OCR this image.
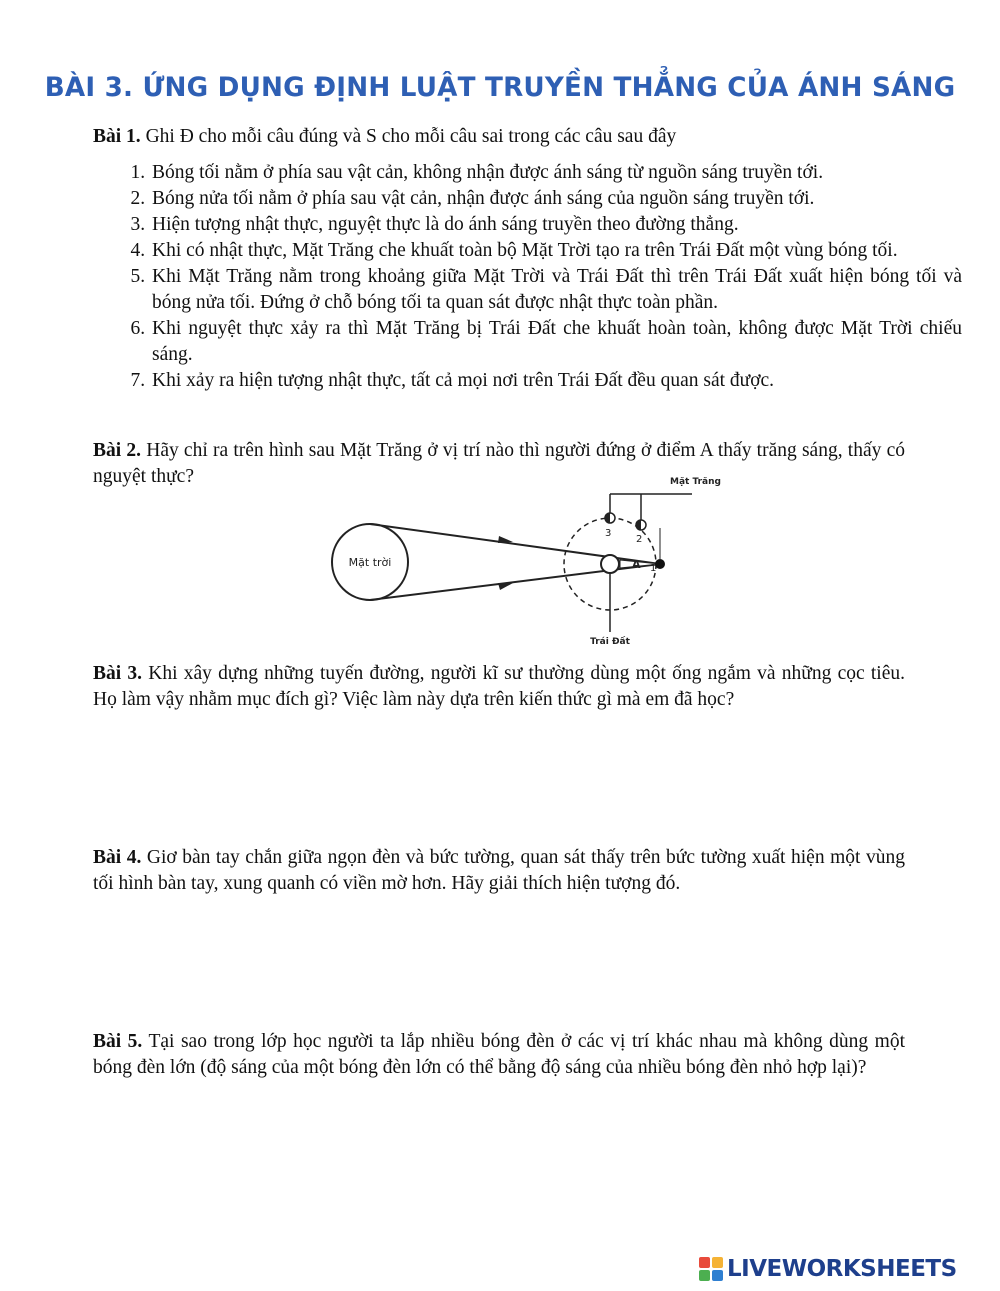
BÀI 3. ỨNG DỤNG ĐỊNH LUẬT TRUYỀN THẲNG CỦA ÁNH SÁNG
Bài 1. Ghi Đ cho mỗi câu đúng và S cho mỗi câu sai trong các câu sau đây
1. Bóng tối nằm ở phía sau vật cản, không nhận được ánh sáng từ nguồn sáng truyền tới.
2. Bóng nửa tối nằm ở phía sau vật cản, nhận được ánh sáng của nguồn sáng truyền tới.
3. Hiện tượng nhật thực, nguyệt thực là do ánh sáng truyền theo đường thẳng.
4. Khi có nhật thực, Mặt Trăng che khuất toàn bộ Mặt Trời tạo ra trên Trái Đất một vùng bóng tối.
5. Khi Mặt Trăng nằm trong khoảng giữa Mặt Trời và Trái Đất thì trên Trái Đất xuất hiện bóng tối và bóng nửa tối. Đứng ở chỗ bóng tối ta quan sát được nhật thực toàn phần.
6. Khi nguyệt thực xảy ra thì Mặt Trăng bị Trái Đất che khuất hoàn toàn, không được Mặt Trời chiếu sáng.
7. Khi xảy ra hiện tượng nhật thực, tất cả mọi nơi trên Trái Đất đều quan sát được.
Bài 2. Hãy chỉ ra trên hình sau Mặt Trăng ở vị trí nào thì người đứng ở điểm A thấy trăng sáng, thấy có nguyệt thực?
Mặt trời
Trái Đất
A 1
2
3
Mặt Trăng
Bài 3. Khi xây dựng những tuyến đường, người kĩ sư thường dùng một ống ngắm và những cọc tiêu. Họ làm vậy nhằm mục đích gì? Việc làm này dựa trên kiến thức gì mà em đã học?
Bài 4. Giơ bàn tay chắn giữa ngọn đèn và bức tường, quan sát thấy trên bức tường xuất hiện một vùng tối hình bàn tay, xung quanh có viền mờ hơn. Hãy giải thích hiện tượng đó.
Bài 5. Tại sao trong lớp học người ta lắp nhiều bóng đèn ở các vị trí khác nhau mà không dùng một bóng đèn lớn (độ sáng của một bóng đèn lớn có thể bằng độ sáng của nhiều bóng đèn nhỏ hợp lại)?
LIVEWORKSHEETS
